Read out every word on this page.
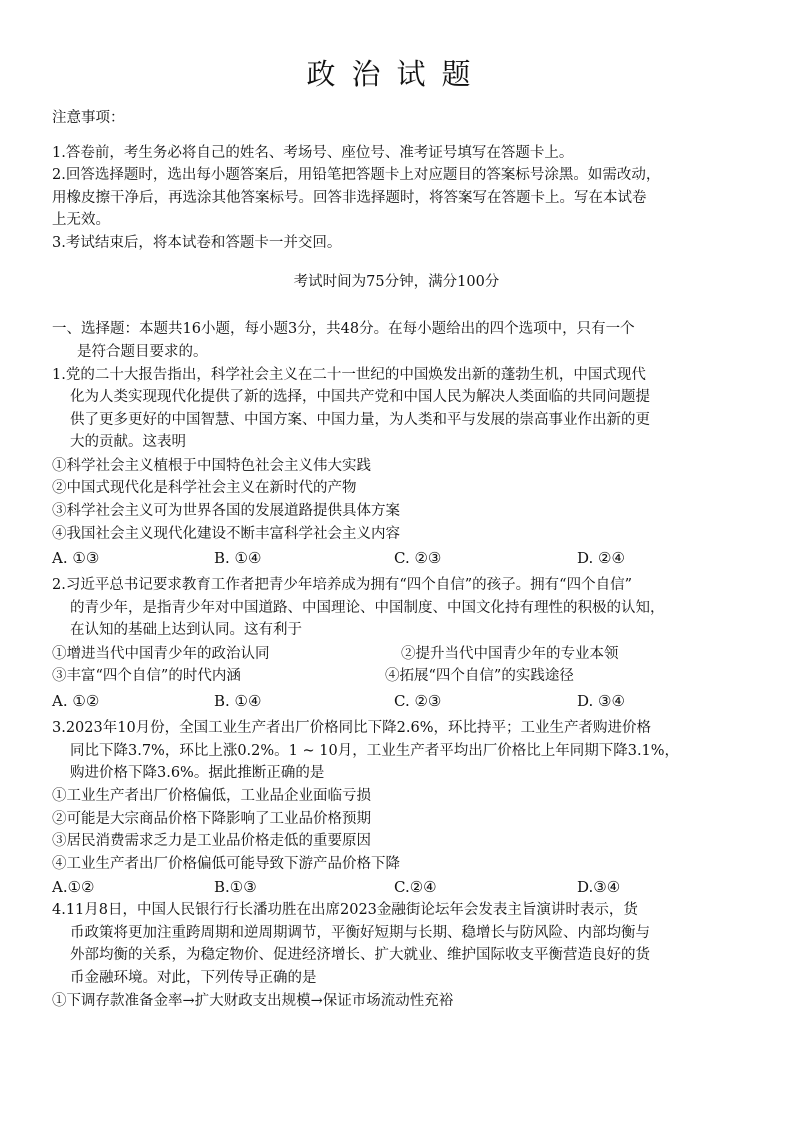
政治试题
注意事项：
1.答卷前，考生务必将自己的姓名、考场号、座位号、准考证号填写在答题卡上。
2.回答选择题时，选出每小题答案后，用铅笔把答题卡上对应题目的答案标号涂黑。如需改动，
用橡皮擦干净后，再选涂其他答案标号。回答非选择题时，将答案写在答题卡上。写在本试卷
上无效。
3.考试结束后，将本试卷和答题卡一并交回。
考试时间为75分钟，满分100分
一、选择题：本题共16小题，每小题3分，共48分。在每小题给出的四个选项中，只有一个
是符合题目要求的。
1.党的二十大报告指出，科学社会主义在二十一世纪的中国焕发出新的蓬勃生机，中国式现代
化为人类实现现代化提供了新的选择，中国共产党和中国人民为解决人类面临的共同问题提
供了更多更好的中国智慧、中国方案、中国力量，为人类和平与发展的崇高事业作出新的更
大的贡献。这表明
①科学社会主义植根于中国特色社会主义伟大实践
②中国式现代化是科学社会主义在新时代的产物
③科学社会主义可为世界各国的发展道路提供具体方案
④我国社会主义现代化建设不断丰富科学社会主义内容
A. ①③	B. ①④	C. ②③	D. ②④
2.习近平总书记要求教育工作者把青少年培养成为拥有“四个自信”的孩子。拥有“四个自信”
的青少年，是指青少年对中国道路、中国理论、中国制度、中国文化持有理性的积极的认知，
在认知的基础上达到认同。这有利于
①增进当代中国青少年的政治认同	②提升当代中国青少年的专业本领
③丰富“四个自信”的时代内涵	④拓展“四个自信”的实践途径
A. ①②	B. ①④	C. ②③	D. ③④
3.2023年10月份，全国工业生产者出厂价格同比下降2.6%，环比持平；工业生产者购进价格
同比下降3.7%，环比上涨0.2%。1 ~ 10月，工业生产者平均出厂价格比上年同期下降3.1%，
购进价格下降3.6%。据此推断正确的是
①工业生产者出厂价格偏低，工业品企业面临亏损
②可能是大宗商品价格下降影响了工业品价格预期
③居民消费需求乏力是工业品价格走低的重要原因
④工业生产者出厂价格偏低可能导致下游产品价格下降
A.①②	B.①③	C.②④	D.③④
4.11月8日，中国人民银行行长潘功胜在出席2023金融街论坛年会发表主旨演讲时表示，货
币政策将更加注重跨周期和逆周期调节，平衡好短期与长期、稳增长与防风险、内部均衡与
外部均衡的关系，为稳定物价、促进经济增长、扩大就业、维护国际收支平衡营造良好的货
币金融环境。对此，下列传导正确的是
①下调存款准备金率→扩大财政支出规模→保证市场流动性充裕
